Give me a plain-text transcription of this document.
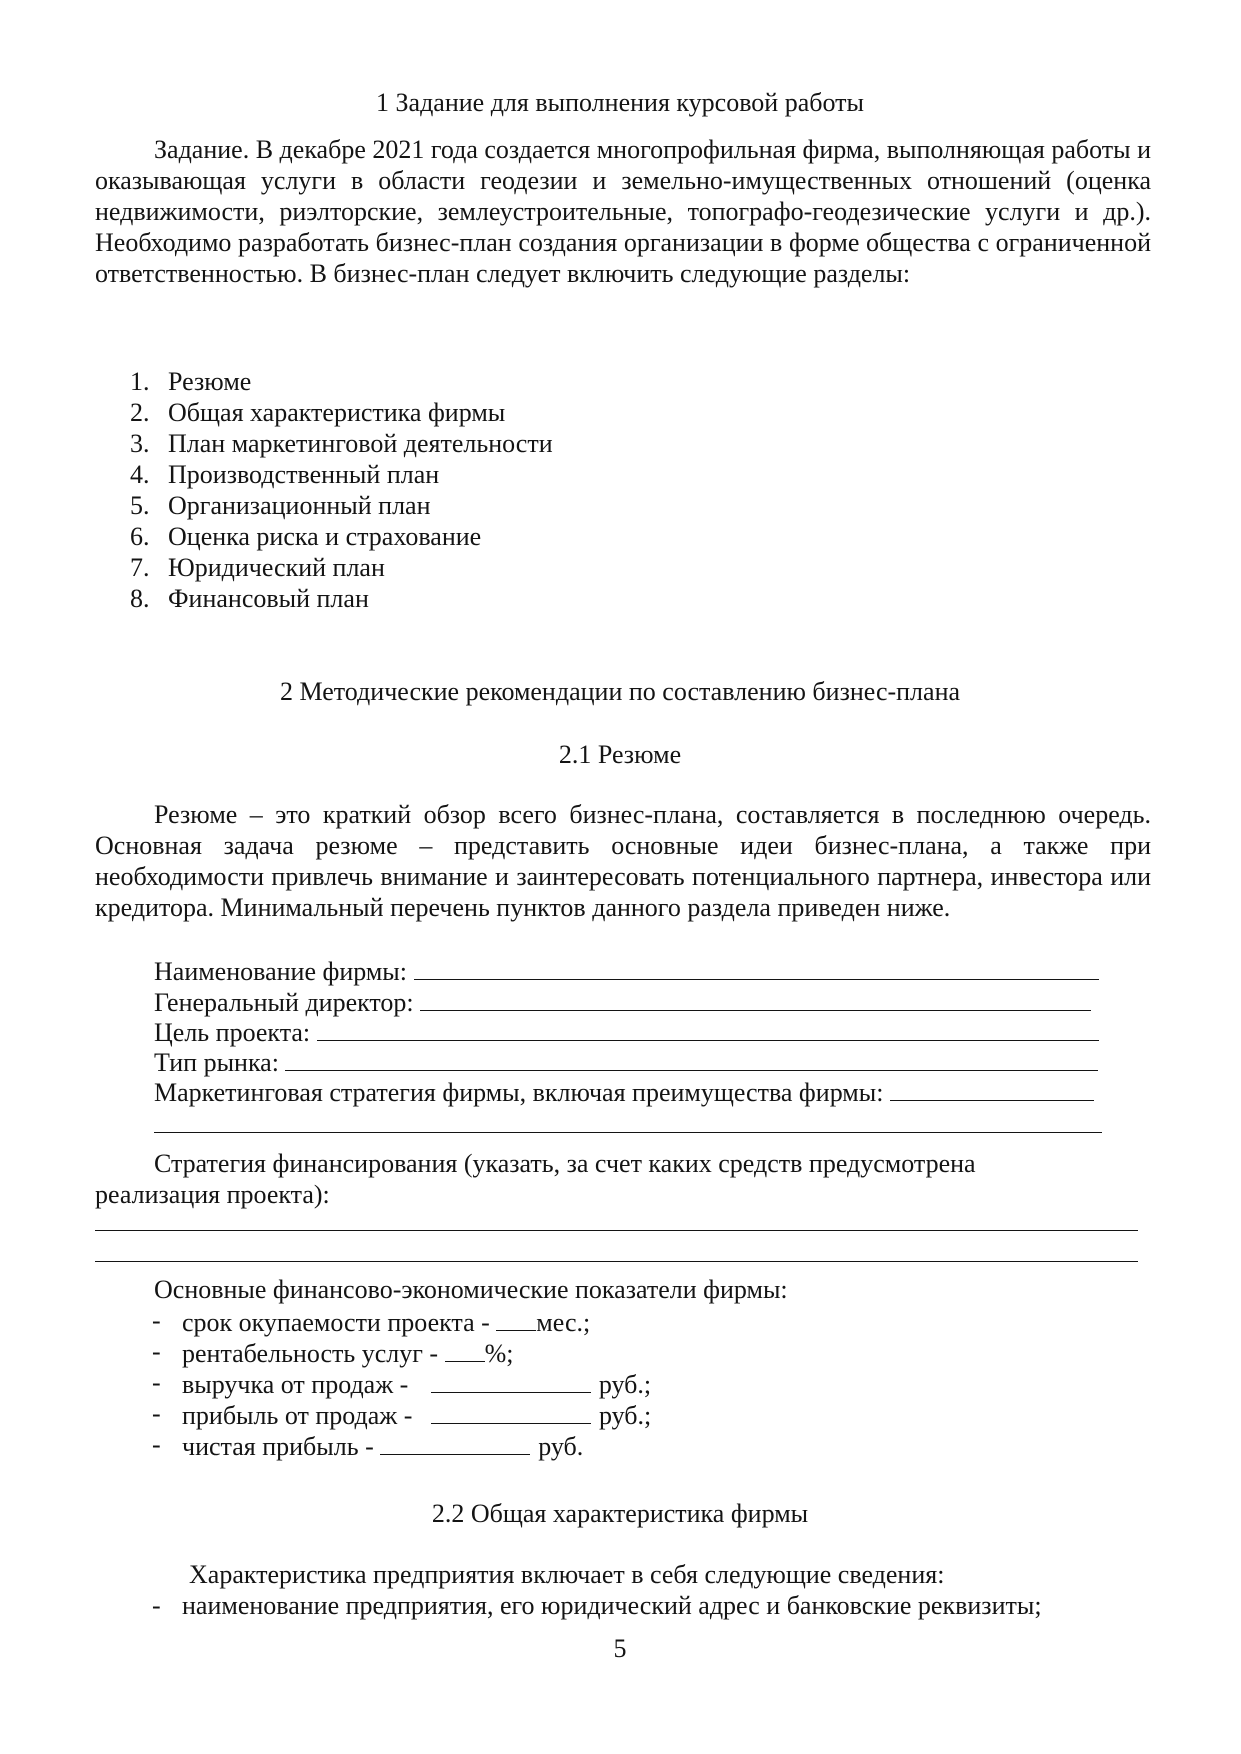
1 Задание для выполнения курсовой работы
Задание. В декабре 2021 года создается многопрофильная фирма, выполняющая работы и оказывающая услуги в области геодезии и земельно-имущественных отношений (оценка недвижимости, риэлторские, землеустроительные, топографо-геодезические услуги и др.). Необходимо разработать бизнес-план создания организации в форме общества с ограниченной ответственностью. В бизнес-план следует включить следующие разделы:
1. Резюме
2. Общая характеристика фирмы
3. План маркетинговой деятельности
4. Производственный план
5. Организационный план
6. Оценка риска и страхование
7. Юридический план
8. Финансовый план
2 Методические рекомендации по составлению бизнес-плана
2.1 Резюме
Резюме – это краткий обзор всего бизнес-плана, составляется в последнюю очередь. Основная задача резюме – представить основные идеи бизнес-плана, а также при необходимости привлечь внимание и заинтересовать потенциального партнера, инвестора или кредитора. Минимальный перечень пунктов данного раздела приведен ниже.
Наименование фирмы:
Генеральный директор:
Цель проекта:
Тип рынка:
Маркетинговая стратегия фирмы, включая преимущества фирмы:
Стратегия финансирования (указать, за счет каких средств предусмотрена
реализация проекта):
Основные финансово-экономические показатели фирмы:
- срок окупаемости проекта - мес.;
- рентабельность услуг - %;
- выручка от продаж -	руб.;
- прибыль от продаж -	руб.;
- чистая прибыль -	руб.
2.2 Общая характеристика фирмы
Характеристика предприятия включает в себя следующие сведения:
- наименование предприятия, его юридический адрес и банковские реквизиты;
5
